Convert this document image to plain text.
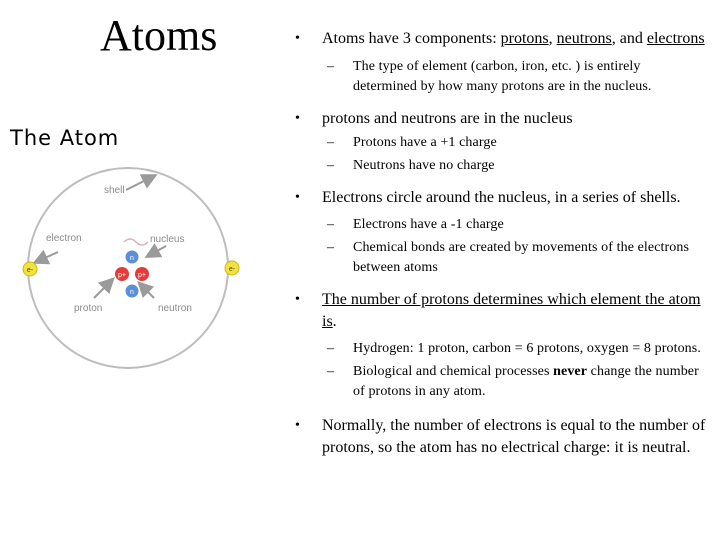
Atoms
The Atom
shell
electron	nucleus
proton	neutron
e-	e-
n
p+ p+
n

• Atoms have 3 components: protons, neutrons, and electrons

– The type of element (carbon, iron, etc. ) is entirely determined by how many protons are in the nucleus.

• protons and neutrons are in the nucleus

– Protons have a +1 charge

– Neutrons have no charge

• Electrons circle around the nucleus, in a series of shells.

– Electrons have a -1 charge

– Chemical bonds are created by movements of the electrons between atoms

• The number of protons determines which element the atom is.

– Hydrogen: 1 proton, carbon = 6 protons, oxygen = 8 protons.

– Biological and chemical processes never change the number of protons in any atom.

• Normally, the number of electrons is equal to the number of protons, so the atom has no electrical charge: it is neutral.
